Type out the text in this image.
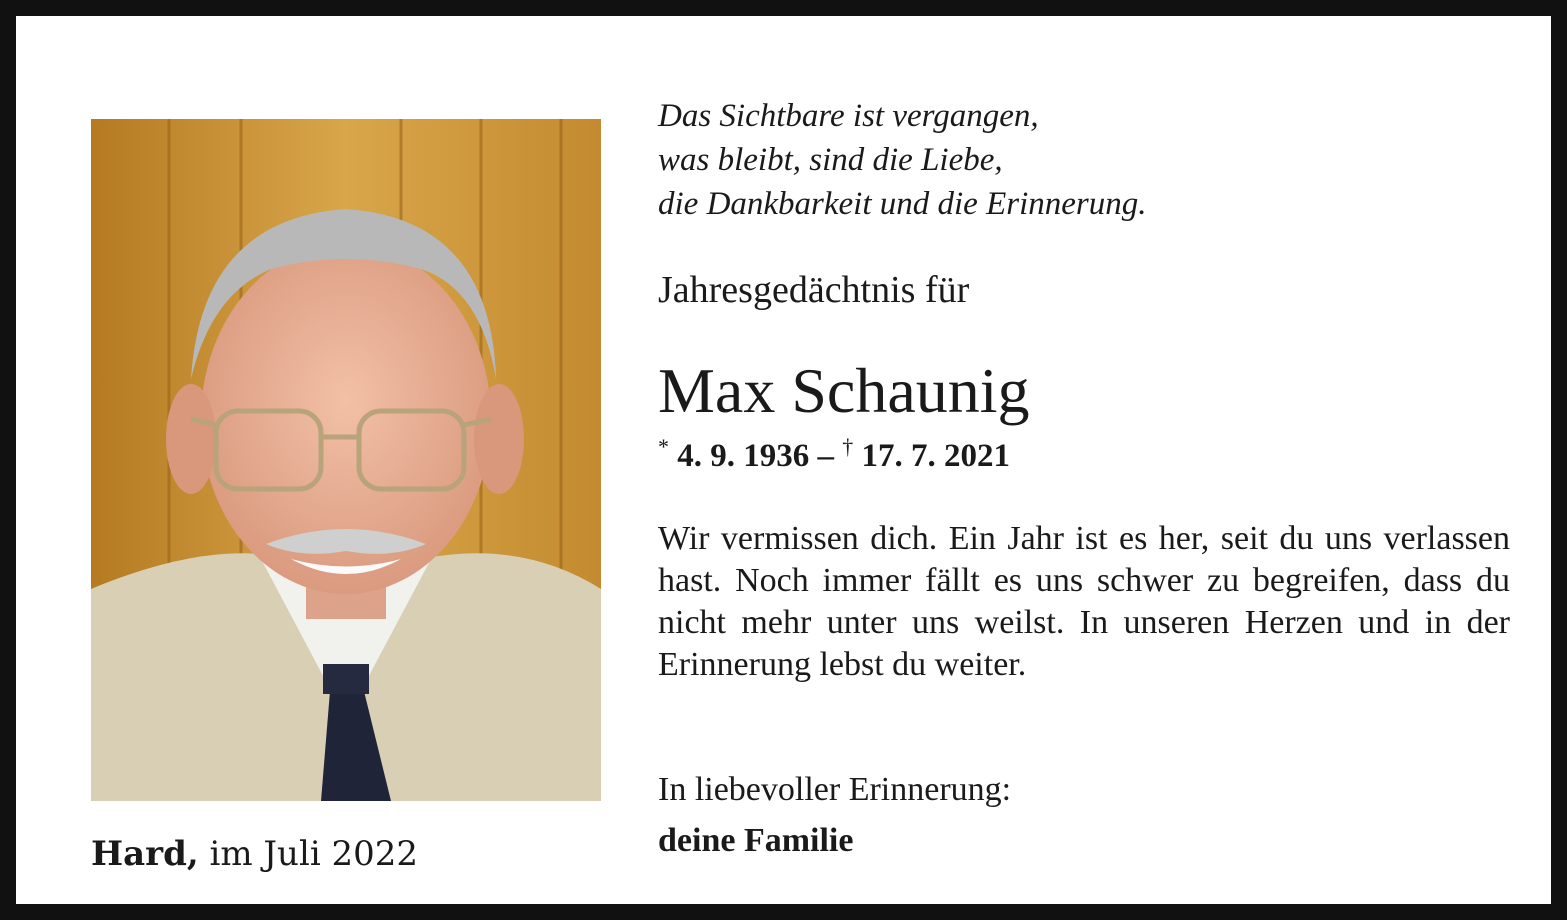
Hard, im Juli 2022
Das Sichtbare ist vergangen,
was bleibt, sind die Liebe,
die Dankbarkeit und die Erinnerung.
Jahresgedächtnis für
Max Schaunig
* 4. 9. 1936 – † 17. 7. 2021
Wir vermissen dich. Ein Jahr ist es her, seit du uns verlassen hast. Noch immer fällt es uns schwer zu begreifen, dass du nicht mehr unter uns weilst. In unseren Herzen und in der Erinnerung lebst du weiter.
In liebevoller Erinnerung:
deine Familie
